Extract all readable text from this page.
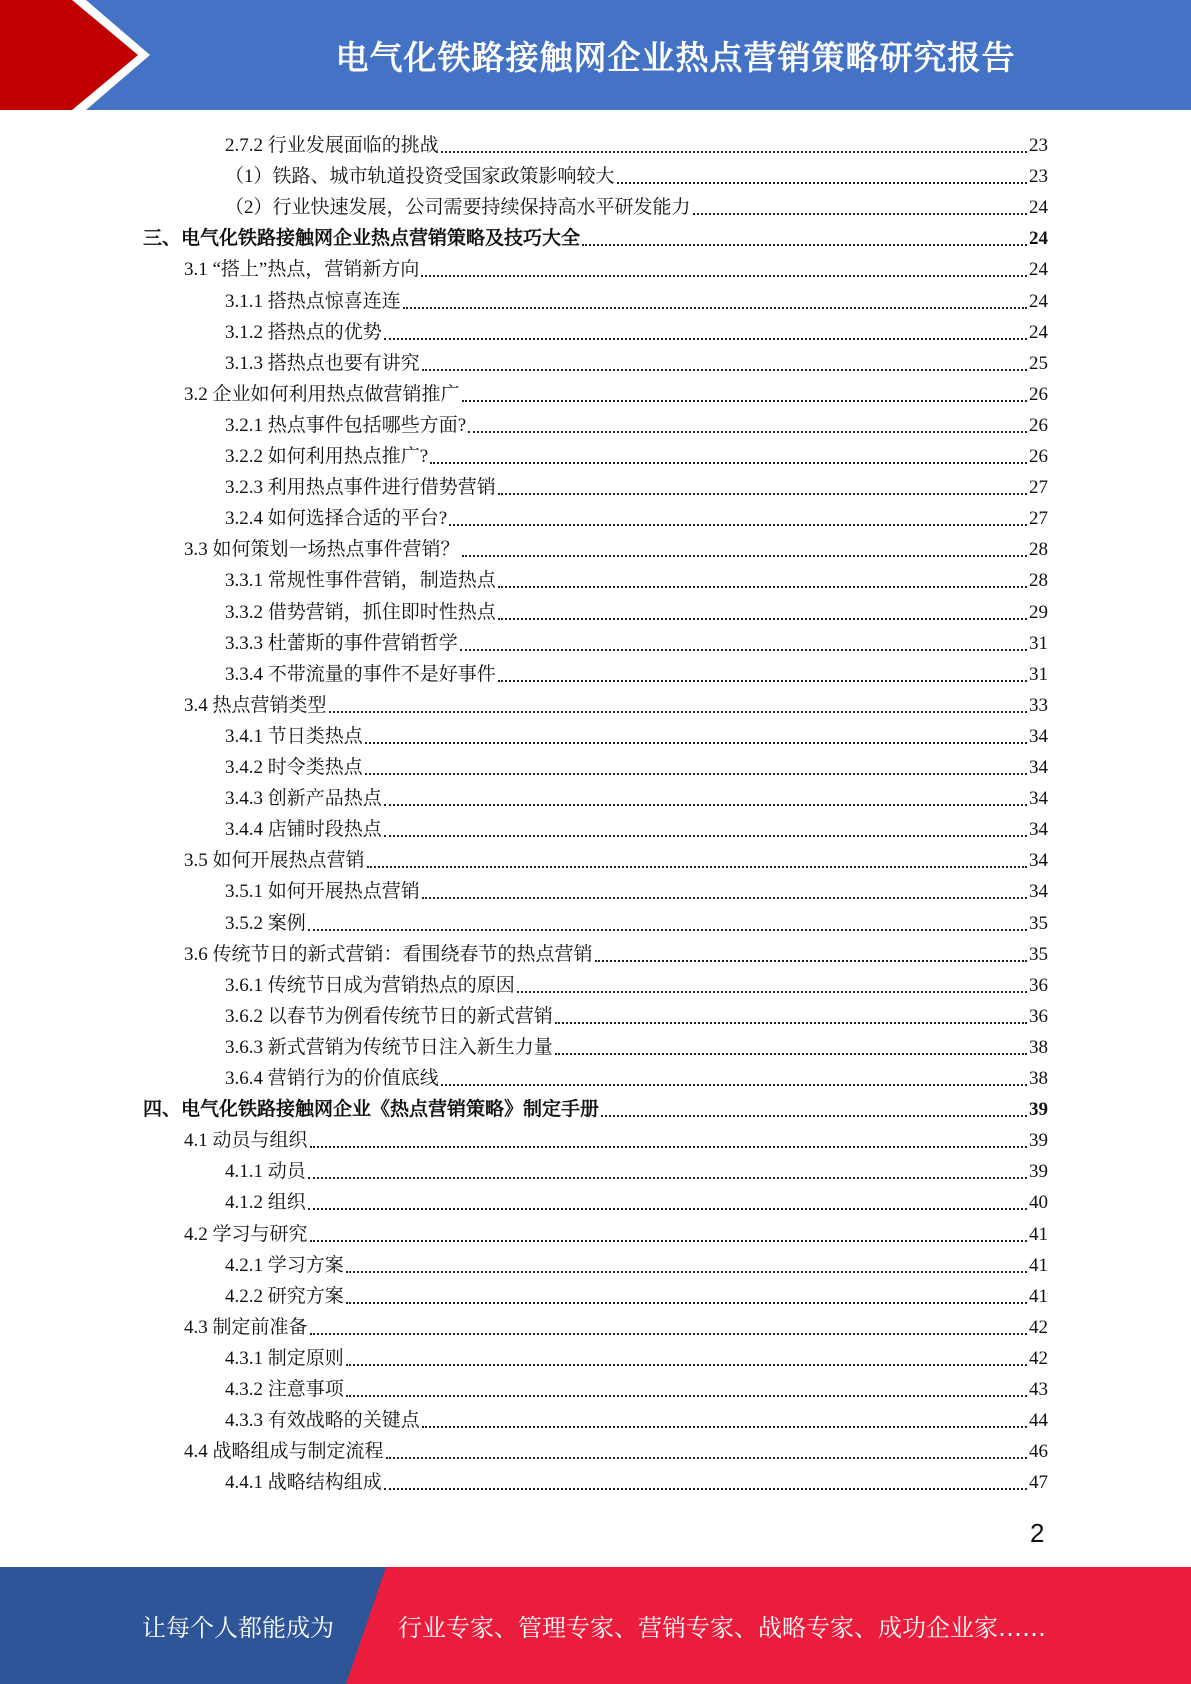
电气化铁路接触网企业热点营销策略研究报告
2.7.2 行业发展面临的挑战	23
（1）铁路、城市轨道投资受国家政策影响较大	23
（2）行业快速发展，公司需要持续保持高水平研发能力	24
三、电气化铁路接触网企业热点营销策略及技巧大全	24
3.1 “搭上”热点，营销新方向	24
3.1.1 搭热点惊喜连连	24
3.1.2 搭热点的优势	24
3.1.3 搭热点也要有讲究	25
3.2 企业如何利用热点做营销推广	26
3.2.1 热点事件包括哪些方面?	26
3.2.2 如何利用热点推广?	26
3.2.3 利用热点事件进行借势营销	27
3.2.4 如何选择合适的平台?	27
3.3 如何策划一场热点事件营销？	28
3.3.1 常规性事件营销，制造热点	28
3.3.2 借势营销，抓住即时性热点	29
3.3.3 杜蕾斯的事件营销哲学	31
3.3.4 不带流量的事件不是好事件	31
3.4 热点营销类型	33
3.4.1 节日类热点	34
3.4.2 时令类热点	34
3.4.3 创新产品热点	34
3.4.4 店铺时段热点	34
3.5 如何开展热点营销	34
3.5.1 如何开展热点营销	34
3.5.2 案例	35
3.6 传统节日的新式营销：看围绕春节的热点营销	35
3.6.1 传统节日成为营销热点的原因	36
3.6.2 以春节为例看传统节日的新式营销	36
3.6.3 新式营销为传统节日注入新生力量	38
3.6.4 营销行为的价值底线	38
四、电气化铁路接触网企业《热点营销策略》制定手册	39
4.1 动员与组织	39
4.1.1 动员	39
4.1.2 组织	40
4.2 学习与研究	41
4.2.1 学习方案	41
4.2.2 研究方案	41
4.3 制定前准备	42
4.3.1 制定原则	42
4.3.2 注意事项	43
4.3.3 有效战略的关键点	44
4.4 战略组成与制定流程	46
4.4.1 战略结构组成	47
2
让每个人都能成为	行业专家、管理专家、营销专家、战略专家、成功企业家……
